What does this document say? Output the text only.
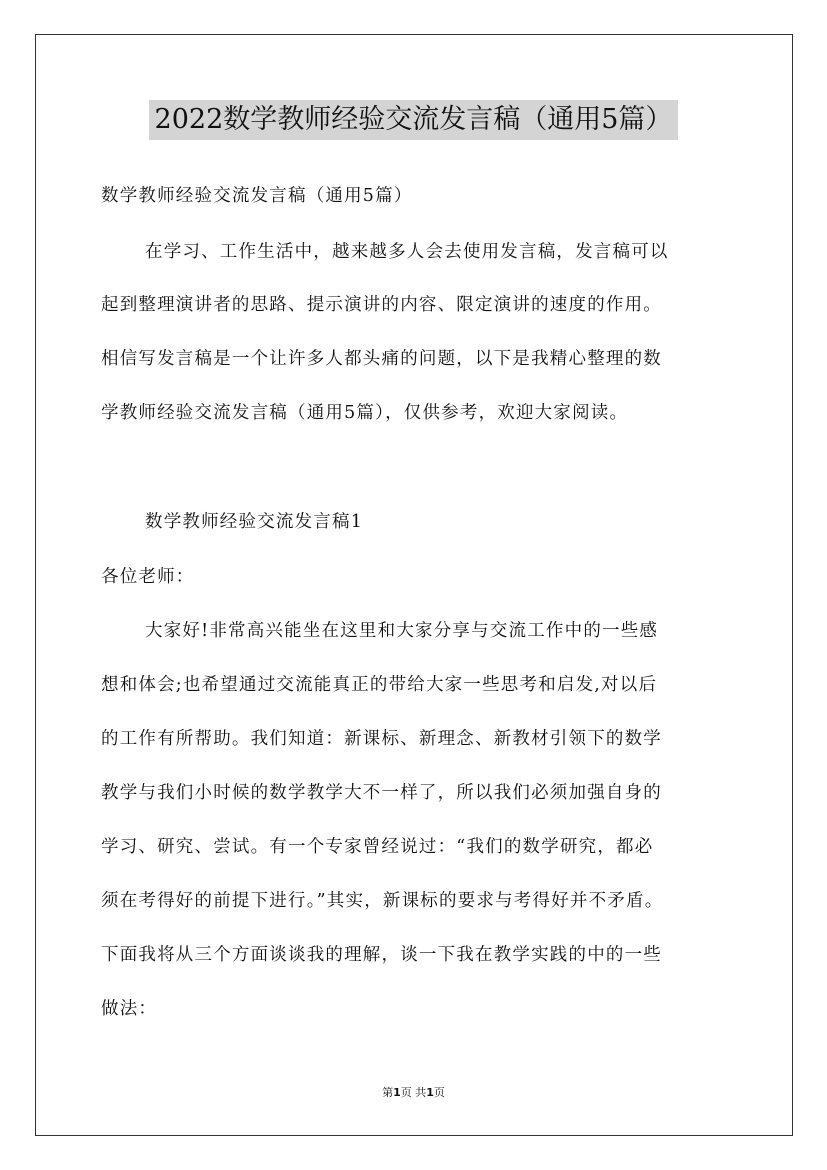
2022数学教师经验交流发言稿（通用5篇）
数学教师经验交流发言稿（通用5篇）
在学习、工作生活中，越来越多人会去使用发言稿，发言稿可以
起到整理演讲者的思路、提示演讲的内容、限定演讲的速度的作用。
相信写发言稿是一个让许多人都头痛的问题，以下是我精心整理的数
学教师经验交流发言稿（通用5篇），仅供参考，欢迎大家阅读。
数学教师经验交流发言稿1
各位老师：
大家好!非常高兴能坐在这里和大家分享与交流工作中的一些感
想和体会;也希望通过交流能真正的带给大家一些思考和启发,对以后
的工作有所帮助。我们知道：新课标、新理念、新教材引领下的数学
教学与我们小时候的数学教学大不一样了，所以我们必须加强自身的
学习、研究、尝试。有一个专家曾经说过：“我们的数学研究，都必
须在考得好的前提下进行。”其实，新课标的要求与考得好并不矛盾。
下面我将从三个方面谈谈我的理解，谈一下我在教学实践的中的一些
做法：
第1页 共1页
